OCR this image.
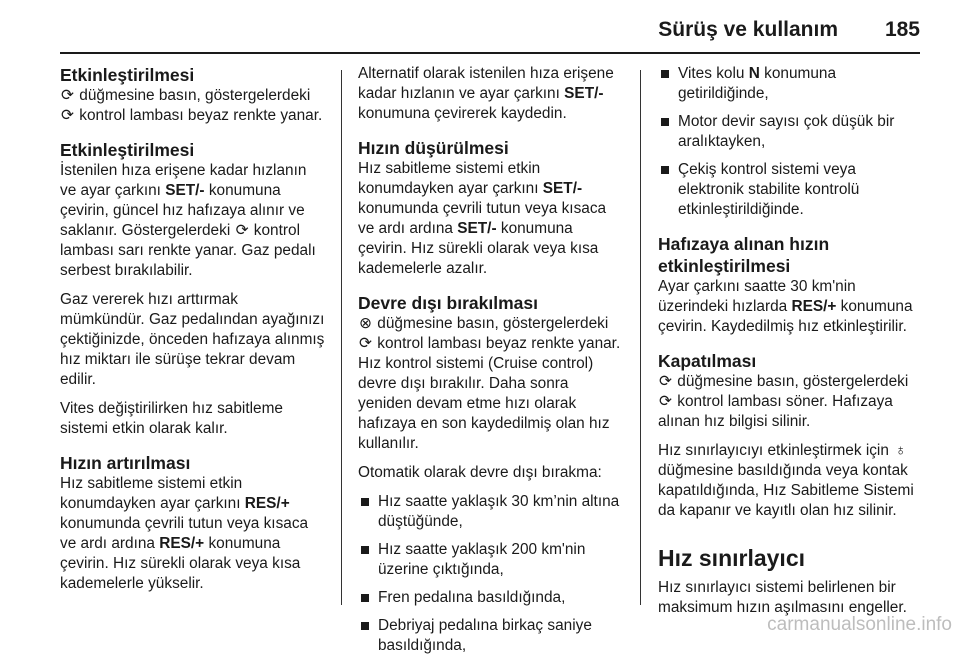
Sürüş ve kullanım 185
Etkinleştirilmesi

⟳ düğmesine basın, göstergelerdeki
⟳ kontrol lambası beyaz renkte yanar.

Etkinleştirilmesi

İstenilen hıza erişene kadar hızlanın ve ayar çarkını SET/- konumuna çevirin, güncel hız hafızaya alınır ve saklanır. Göstergelerdeki ⟳ kontrol lambası sarı renkte yanar. Gaz pedalı serbest bırakılabilir.

Gaz vererek hızı arttırmak mümkündür. Gaz pedalından ayağınızı çektiğinizde, önceden hafızaya alınmış hız miktarı ile sürüşe tekrar devam edilir.

Vites değiştirilirken hız sabitleme sistemi etkin olarak kalır.

Hızın artırılması

Hız sabitleme sistemi etkin konumdayken ayar çarkını RES/+ konumunda çevrili tutun veya kısaca ve ardı ardına RES/+ konumuna çevirin. Hız sürekli olarak veya kısa kademelerle yükselir.

Alternatif olarak istenilen hıza erişene kadar hızlanın ve ayar çarkını SET/- konumuna çevirerek kaydedin.

Hızın düşürülmesi

Hız sabitleme sistemi etkin konumdayken ayar çarkını SET/- konumunda çevrili tutun veya kısaca ve ardı ardına SET/- konumuna çevirin. Hız sürekli olarak veya kısa kademelerle azalır.

Devre dışı bırakılması

⊗ düğmesine basın, göstergelerdeki ⟳ kontrol lambası beyaz renkte yanar. Hız kontrol sistemi (Cruise control) devre dışı bırakılır. Daha sonra yeniden devam etme hızı olarak hafızaya en son kaydedilmiş olan hız kullanılır.

Otomatik olarak devre dışı bırakma:

Hız saatte yaklaşık 30 km’nin altına düştüğünde,
Hız saatte yaklaşık 200 km'nin üzerine çıktığında,
Fren pedalına basıldığında,
Debriyaj pedalına birkaç saniye basıldığında,
Vites kolu N konumuna getirildiğinde,
Motor devir sayısı çok düşük bir aralıktayken,
Çekiş kontrol sistemi veya elektronik stabilite kontrolü etkinleştirildiğinde.
Hafızaya alınan hızın etkinleştirilmesi

Ayar çarkını saatte 30 km'nin üzerindeki hızlarda RES/+ konumuna çevirin. Kaydedilmiş hız etkinleştirilir.

Kapatılması

⟳ düğmesine basın, göstergelerdeki
⟳ kontrol lambası söner. Hafızaya alınan hız bilgisi silinir.

Hız sınırlayıcıyı etkinleştirmek için ♁ düğmesine basıldığında veya kontak kapatıldığında, Hız Sabitleme Sistemi da kapanır ve kayıtlı olan hız silinir.

Hız sınırlayıcı

Hız sınırlayıcı sistemi belirlenen bir maksimum hızın aşılmasını engeller.

carmanualsonline.info
